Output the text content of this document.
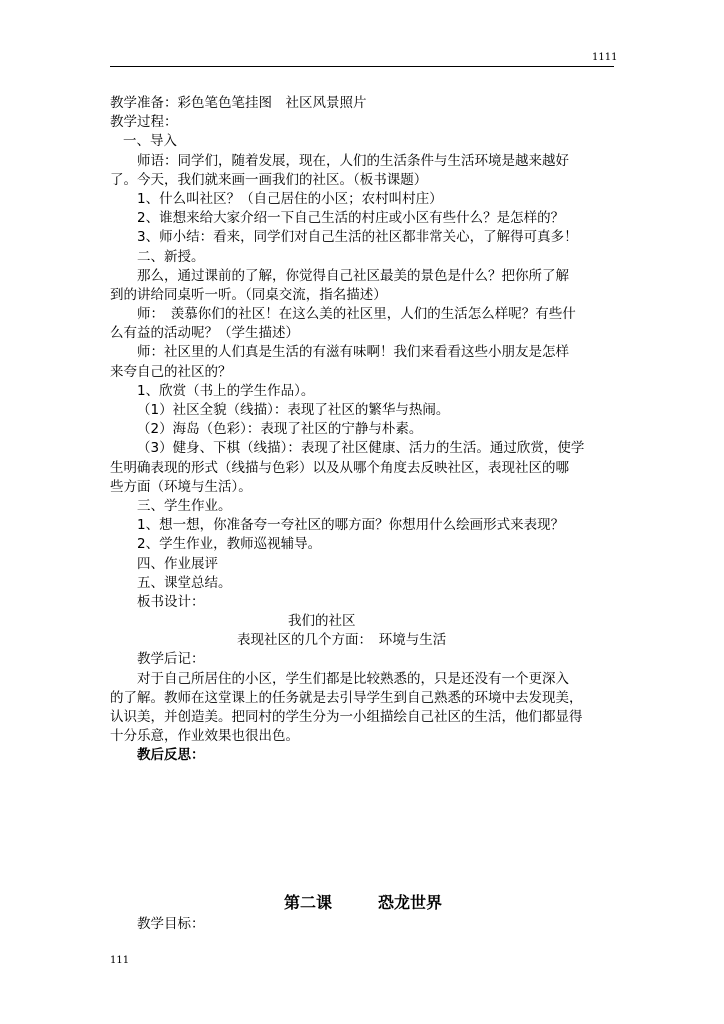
1111
教学准备：彩色笔色笔挂图　社区风景照片
教学过程：
一、导入
师语：同学们，随着发展，现在，人们的生活条件与生活环境是越来越好
了。今天，我们就来画一画我们的社区。（板书课题）
1、什么叫社区？（自己居住的小区；农村叫村庄）
2、谁想来给大家介绍一下自己生活的村庄或小区有些什么？是怎样的？
3、师小结：看来，同学们对自己生活的社区都非常关心，了解得可真多！
二、新授。
那么，通过课前的了解，你觉得自己社区最美的景色是什么？把你所了解
到的讲给同桌听一听。（同桌交流，指名描述）
师：　羡慕你们的社区！在这么美的社区里，人们的生活怎么样呢？有些什
么有益的活动呢？（学生描述）
师：社区里的人们真是生活的有滋有味啊！我们来看看这些小朋友是怎样
来夸自己的社区的？
1、欣赏（书上的学生作品）。
（1）社区全貌（线描）：表现了社区的繁华与热闹。
（2）海岛（色彩）：表现了社区的宁静与朴素。
（3）健身、下棋（线描）：表现了社区健康、活力的生活。通过欣赏，使学
生明确表现的形式（线描与色彩）以及从哪个角度去反映社区，表现社区的哪
些方面（环境与生活）。
三、学生作业。
1、想一想，你准备夸一夸社区的哪方面？你想用什么绘画形式来表现？
2、学生作业，教师巡视辅导。
四、作业展评
五、课堂总结。
板书设计：
我们的社区
表现社区的几个方面：　环境与生活
教学后记：
对于自己所居住的小区，学生们都是比较熟悉的，只是还没有一个更深入
的了解。教师在这堂课上的任务就是去引导学生到自己熟悉的环境中去发现美，
认识美，并创造美。把同村的学生分为一小组描绘自己社区的生活，他们都显得
十分乐意，作业效果也很出色。
教后反思：
第二课	恐龙世界
教学目标：
111
